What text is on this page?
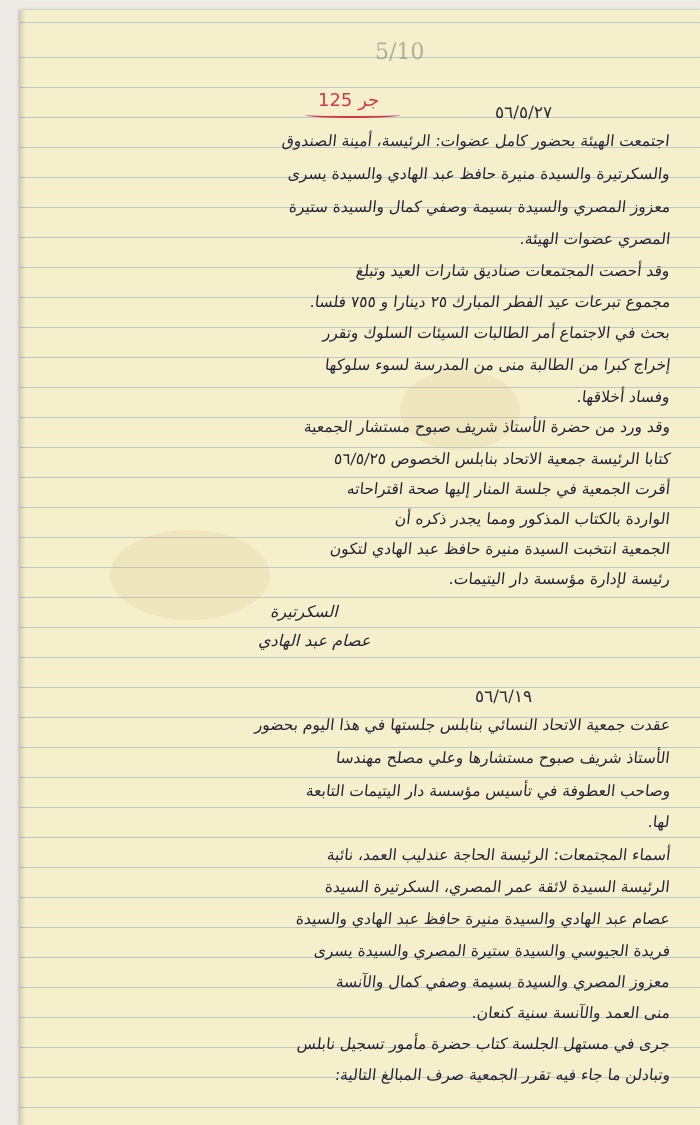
5/10
جر 125
٥٦/٥/٢٧
اجتمعت الهيئة بحضور كامل عضوات: الرئيسة، أمينة الصندوق
والسكرتيرة والسيدة منيرة حافظ عبد الهادي والسيدة يسرى
معزوز المصري والسيدة بسيمة وصفي كمال والسيدة ستيرة
المصري عضوات الهيئة.
وقد أحصت المجتمعات صناديق شارات العيد وتبلغ
مجموع تبرعات عيد الفطر المبارك ٢٥ دينارا و ٧٥٥ فلسا.
بحث في الاجتماع أمر الطالبات السيئات السلوك وتقرر
إخراج كبرا من الطالبة منى من المدرسة لسوء سلوكها
وفساد أخلاقها.
وقد ورد من حضرة الأستاذ شريف صبوح مستشار الجمعية
كتابا الرئيسة جمعية الاتحاد بنابلس الخصوص ٥٦/٥/٢٥
أقرت الجمعية في جلسة المنار إليها صحة اقتراحاته
الواردة بالكتاب المذكور ومما يجدر ذكره أن
الجمعية انتخبت السيدة منيرة حافظ عبد الهادي لتكون
رئيسة لإدارة مؤسسة دار اليتيمات.
السكرتيرة
عصام عبد الهادي
٥٦/٦/١٩
عقدت جمعية الاتحاد النسائي بنابلس جلستها في هذا اليوم بحضور
الأستاذ شريف صبوح مستشارها وعلي مصلح مهندسا
وصاحب العطوفة في تأسيس مؤسسة دار اليتيمات التابعة
لها.
أسماء المجتمعات: الرئيسة الحاجة عندليب العمد، نائبة
الرئيسة السيدة لائقة عمر المصري، السكرتيرة السيدة
عصام عبد الهادي والسيدة منيرة حافظ عبد الهادي والسيدة
فريدة الجيوسي والسيدة ستيرة المصري والسيدة يسرى
معزوز المصري والسيدة بسيمة وصفي كمال والآنسة
منى العمد والآنسة سنية كنعان.
جرى في مستهل الجلسة كتاب حضرة مأمور تسجيل نابلس
وتبادلن ما جاء فيه تقرر الجمعية صرف المبالغ التالية:
